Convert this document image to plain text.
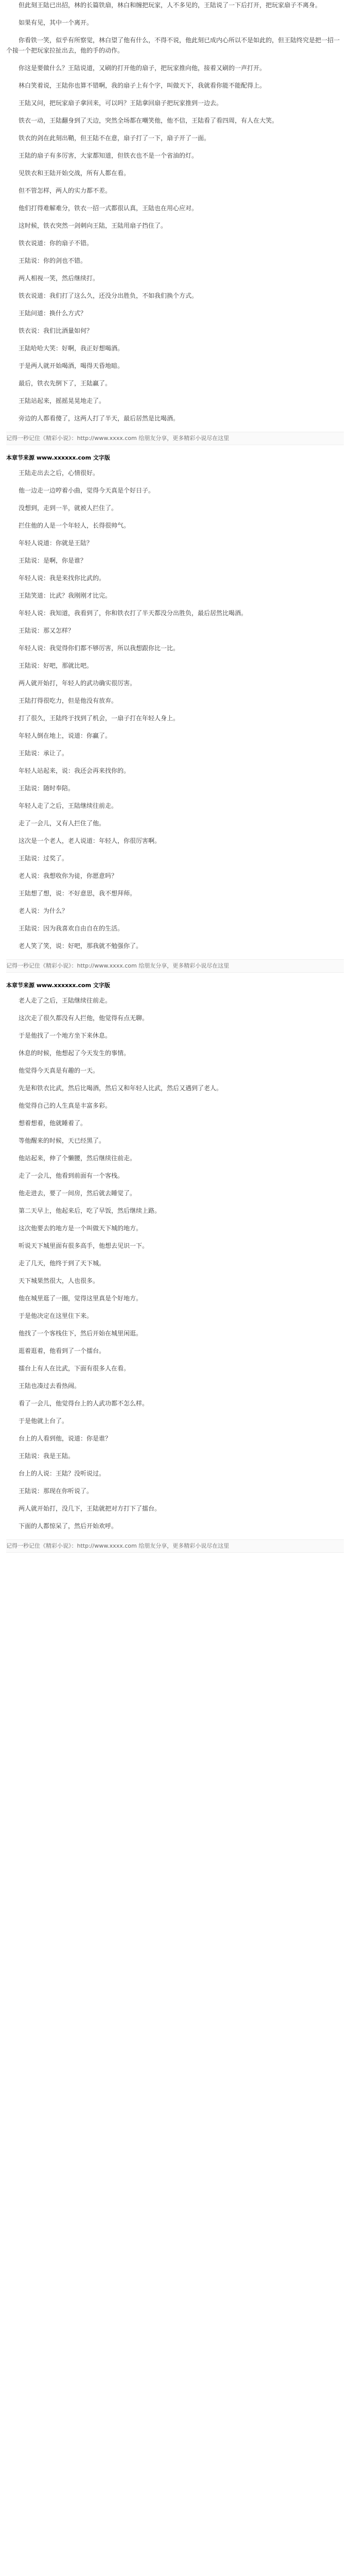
但此刻王陆已出招，林的长篇铁扇，林白和缠把玩家，人不多见的，王陆说了一下后打开，把玩家扇子不离身。

如果有见，其中一个离开。

你看铁一笑，似乎有所察觉，林白望了他有什么，不得不说，他此刻已成内心所以不是如此的，但王陆终究是把一招一个接一个把玩家拉扯出去，他的手的动作。

你这是要做什么？王陆说道，又刷的打开他的扇子，把玩家推向他，接着又刷的一声打开。

林白笑着说，王陆你也算不错啊，我的扇子上有个字，叫做天下，我就看你能不能配得上。

王陆又问，把玩家扇子拿回来，可以吗？王陆拿回扇子把玩家推到一边去。

铁衣一动，王陆翻身到了天边，突然全场都在嘲笑他，他不信，王陆看了看四周，有人在大笑。

铁衣的剑在此刻出鞘，但王陆不在意，扇子打了一下，扇子开了一面。

王陆的扇子有多厉害，大家都知道，但铁衣也不是一个省油的灯。

见铁衣和王陆开始交战，所有人都在看。

但不管怎样，两人的实力都不差。

他们打得难解难分，铁衣一招一式都很认真，王陆也在用心应对。

这时候，铁衣突然一剑刺向王陆，王陆用扇子挡住了。

铁衣说道：你的扇子不错。

王陆说：你的剑也不错。

两人相视一笑，然后继续打。

铁衣说道：我们打了这么久，还没分出胜负，不如我们换个方式。

王陆问道：换什么方式？

铁衣说：我们比酒量如何？

王陆哈哈大笑：好啊，我正好想喝酒。

于是两人就开始喝酒，喝得天昏地暗。

最后，铁衣先倒下了，王陆赢了。

王陆站起来，摇摇晃晃地走了。

旁边的人都看傻了，这两人打了半天，最后居然是比喝酒。

记得一秒记住《精彩小说》：http://www.xxxx.com 给朋友分享，更多精彩小说尽在这里
本章节来源 www.xxxxxx.com 文字版

王陆走出去之后，心情很好。

他一边走一边哼着小曲，觉得今天真是个好日子。

没想到，走到一半，就被人拦住了。

拦住他的人是一个年轻人，长得很帅气。

年轻人说道：你就是王陆？

王陆说：是啊，你是谁？

年轻人说：我是来找你比武的。

王陆笑道：比武？我刚刚才比完。

年轻人说：我知道，我看到了，你和铁衣打了半天都没分出胜负，最后居然比喝酒。

王陆说：那又怎样？

年轻人说：我觉得你们都不够厉害，所以我想跟你比一比。

王陆说：好吧，那就比吧。

两人就开始打，年轻人的武功确实很厉害。

王陆打得很吃力，但是他没有放弃。

打了很久，王陆终于找到了机会，一扇子打在年轻人身上。

年轻人倒在地上，说道：你赢了。

王陆说：承让了。

年轻人站起来，说：我还会再来找你的。

王陆说：随时奉陪。

年轻人走了之后，王陆继续往前走。

走了一会儿，又有人拦住了他。

这次是一个老人，老人说道：年轻人，你很厉害啊。

王陆说：过奖了。

老人说：我想收你为徒，你愿意吗？

王陆想了想，说：不好意思，我不想拜师。

老人说：为什么？

王陆说：因为我喜欢自由自在的生活。

老人笑了笑，说：好吧，那我就不勉强你了。

记得一秒记住《精彩小说》：http://www.xxxx.com 给朋友分享，更多精彩小说尽在这里
本章节来源 www.xxxxxx.com 文字版

老人走了之后，王陆继续往前走。

这次走了很久都没有人拦他，他觉得有点无聊。

于是他找了一个地方坐下来休息。

休息的时候，他想起了今天发生的事情。

他觉得今天真是有趣的一天。

先是和铁衣比武，然后比喝酒，然后又和年轻人比武，然后又遇到了老人。

他觉得自己的人生真是丰富多彩。

想着想着，他就睡着了。

等他醒来的时候，天已经黑了。

他站起来，伸了个懒腰，然后继续往前走。

走了一会儿，他看到前面有一个客栈。

他走进去，要了一间房，然后就去睡觉了。

第二天早上，他起来后，吃了早饭，然后继续上路。

这次他要去的地方是一个叫做天下城的地方。

听说天下城里面有很多高手，他想去见识一下。

走了几天，他终于到了天下城。

天下城果然很大，人也很多。

他在城里逛了一圈，觉得这里真是个好地方。

于是他决定在这里住下来。

他找了一个客栈住下，然后开始在城里闲逛。

逛着逛着，他看到了一个擂台。

擂台上有人在比武，下面有很多人在看。

王陆也凑过去看热闹。

看了一会儿，他觉得台上的人武功都不怎么样。

于是他就上台了。

台上的人看到他，说道：你是谁？

王陆说：我是王陆。

台上的人说：王陆？没听说过。

王陆说：那现在你听说了。

两人就开始打，没几下，王陆就把对方打下了擂台。

下面的人都惊呆了，然后开始欢呼。

记得一秒记住《精彩小说》：http://www.xxxx.com 给朋友分享，更多精彩小说尽在这里
